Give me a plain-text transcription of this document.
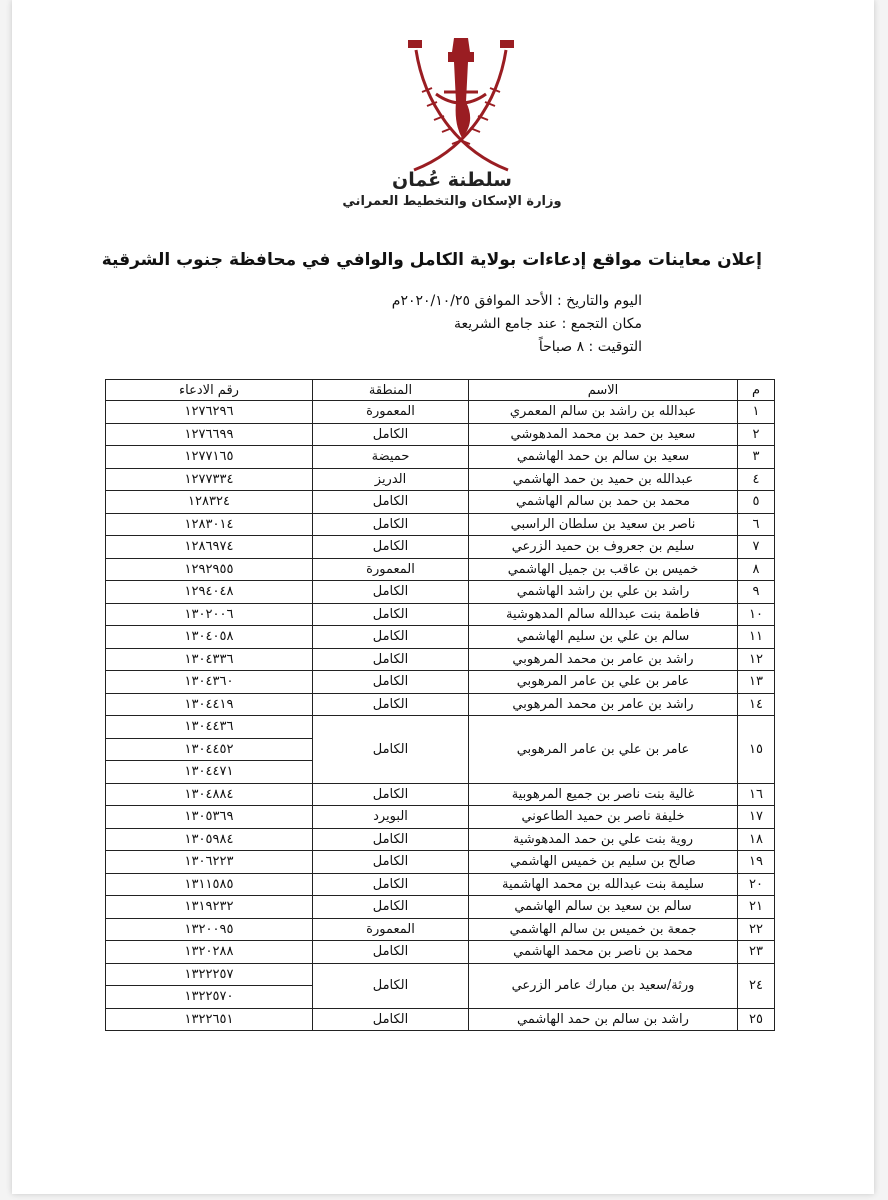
سلطنة عُمان
وزارة الإسكان والتخطيط العمراني
إعلان معاينات مواقع إدعاءات بولاية الكامل والوافي في محافظة جنوب الشرقية
اليوم والتاريخ : الأحد الموافق ٢٠٢٠/١٠/٢٥م
مكان التجمع : عند جامع الشريعة
التوقيت : ٨ صباحاً
م	الاسم	المنطقة	رقم الادعاء
١	عبدالله بن راشد بن سالم المعمري	المعمورة	١٢٧٦٢٩٦
٢	سعيد بن حمد بن محمد المدهوشي	الكامل	١٢٧٦٦٩٩
٣	سعيد بن سالم بن حمد الهاشمي	حميضة	١٢٧٧١٦٥
٤	عبدالله بن حميد بن حمد الهاشمي	الدريز	١٢٧٧٣٣٤
٥	محمد بن حمد بن سالم الهاشمي	الكامل	١٢٨٣٢٤
٦	ناصر بن سعيد بن سلطان الراسبي	الكامل	١٢٨٣٠١٤
٧	سليم بن جعروف بن حميد الزرعي	الكامل	١٢٨٦٩٧٤
٨	خميس بن عاقب بن جميل الهاشمي	المعمورة	١٢٩٢٩٥٥
٩	راشد بن علي بن راشد الهاشمي	الكامل	١٢٩٤٠٤٨
١٠	فاطمة بنت عبدالله سالم المدهوشية	الكامل	١٣٠٢٠٠٦
١١	سالم بن علي بن سليم الهاشمي	الكامل	١٣٠٤٠٥٨
١٢	راشد بن عامر بن محمد المرهوبي	الكامل	١٣٠٤٣٣٦
١٣	عامر بن علي بن عامر المرهوبي	الكامل	١٣٠٤٣٦٠
١٤	راشد بن عامر بن محمد المرهوبي	الكامل	١٣٠٤٤١٩
١٥	عامر بن علي بن عامر المرهوبي	الكامل	١٣٠٤٤٣٦
			١٣٠٤٤٥٢
			١٣٠٤٤٧١
١٦	غالية بنت ناصر بن جميع المرهوبية	الكامل	١٣٠٤٨٨٤
١٧	خليفة ناصر بن حميد الطاعوني	البويرد	١٣٠٥٣٦٩
١٨	روية بنت علي بن حمد المدهوشية	الكامل	١٣٠٥٩٨٤
١٩	صالح بن سليم بن خميس الهاشمي	الكامل	١٣٠٦٢٢٣
٢٠	سليمة بنت عبدالله بن محمد الهاشمية	الكامل	١٣١١٥٨٥
٢١	سالم بن سعيد بن سالم الهاشمي	الكامل	١٣١٩٢٣٢
٢٢	جمعة بن خميس بن سالم الهاشمي	المعمورة	١٣٢٠٠٩٥
٢٣	محمد بن ناصر بن محمد الهاشمي	الكامل	١٣٢٠٢٨٨
٢٤	ورثة/سعيد بن مبارك عامر الزرعي	الكامل	١٣٢٢٢٥٧
			١٣٢٢٥٧٠
٢٥	راشد بن سالم بن حمد الهاشمي	الكامل	١٣٢٢٦٥١
